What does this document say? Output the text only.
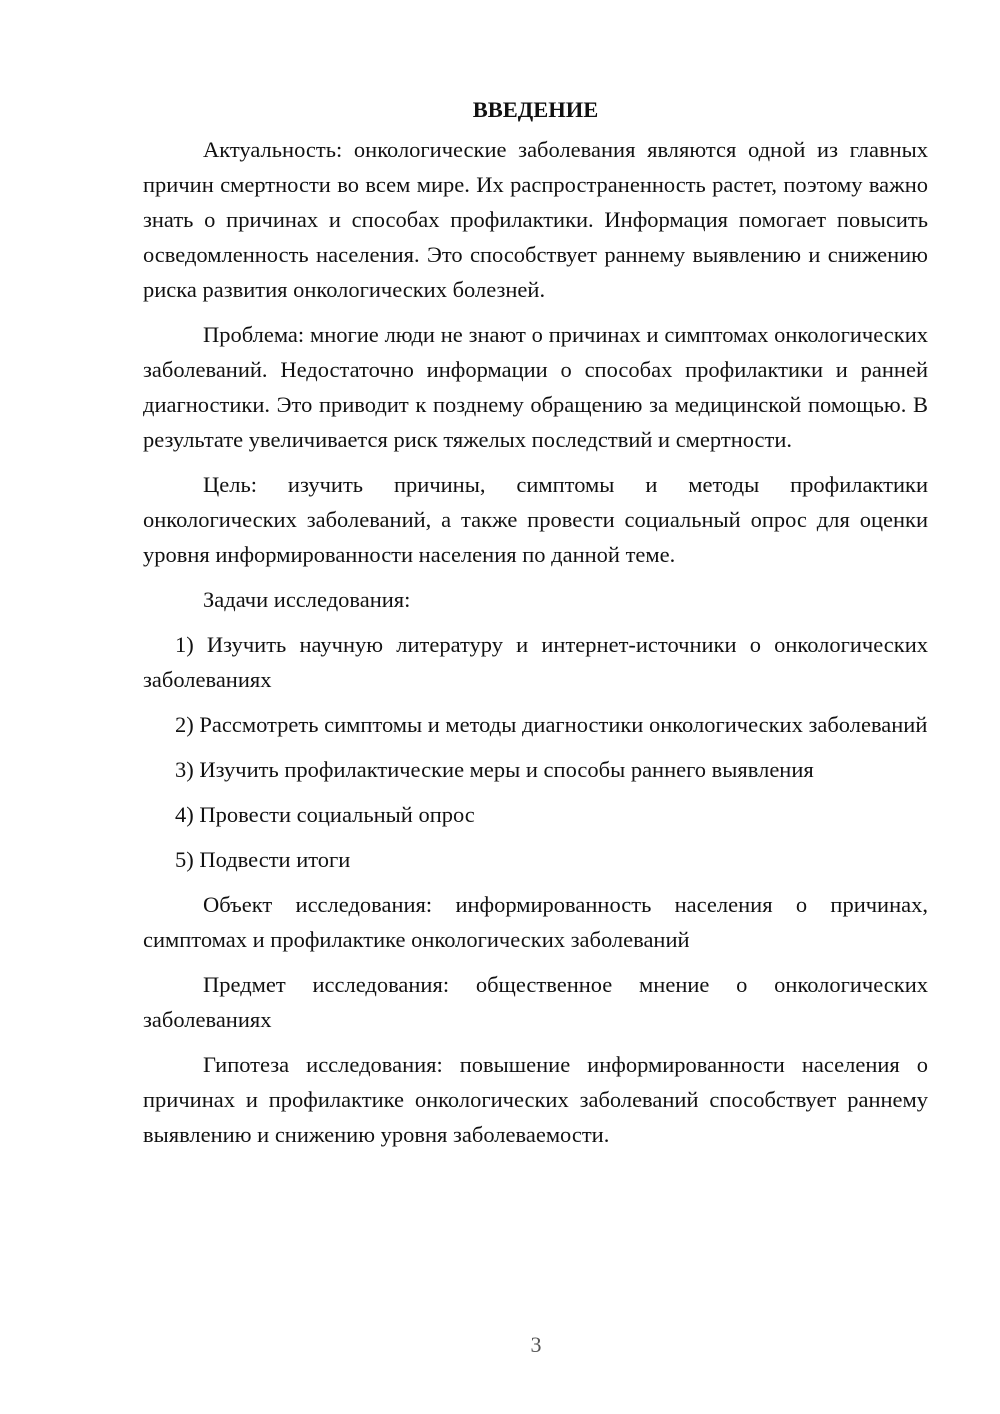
ВВЕДЕНИЕ

Актуальность: онкологические заболевания являются одной из главных причин смертности во всем мире. Их распространенность растет, поэтому важно знать о причинах и способах профилактики. Информация помогает повысить осведомленность населения. Это способствует раннему выявлению и снижению риска развития онкологических болезней.

Проблема: многие люди не знают о причинах и симптомах онкологических заболеваний. Недостаточно информации о способах профилактики и ранней диагностики. Это приводит к позднему обращению за медицинской помощью. В результате увеличивается риск тяжелых последствий и смертности.

Цель: изучить причины, симптомы и методы профилактики онкологических заболеваний, а также провести социальный опрос для оценки уровня информированности населения по данной теме.

Задачи исследования:

1) Изучить научную литературу и интернет-источники о онкологических заболеваниях

2) Рассмотреть симптомы и методы диагностики онкологических заболеваний

3) Изучить профилактические меры и способы раннего выявления

4) Провести социальный опрос

5) Подвести итоги

Объект исследования: информированность населения о причинах, симптомах и профилактике онкологических заболеваний

Предмет исследования: общественное мнение о онкологических заболеваниях

Гипотеза исследования: повышение информированности населения о причинах и профилактике онкологических заболеваний способствует раннему выявлению и снижению уровня заболеваемости.

3
